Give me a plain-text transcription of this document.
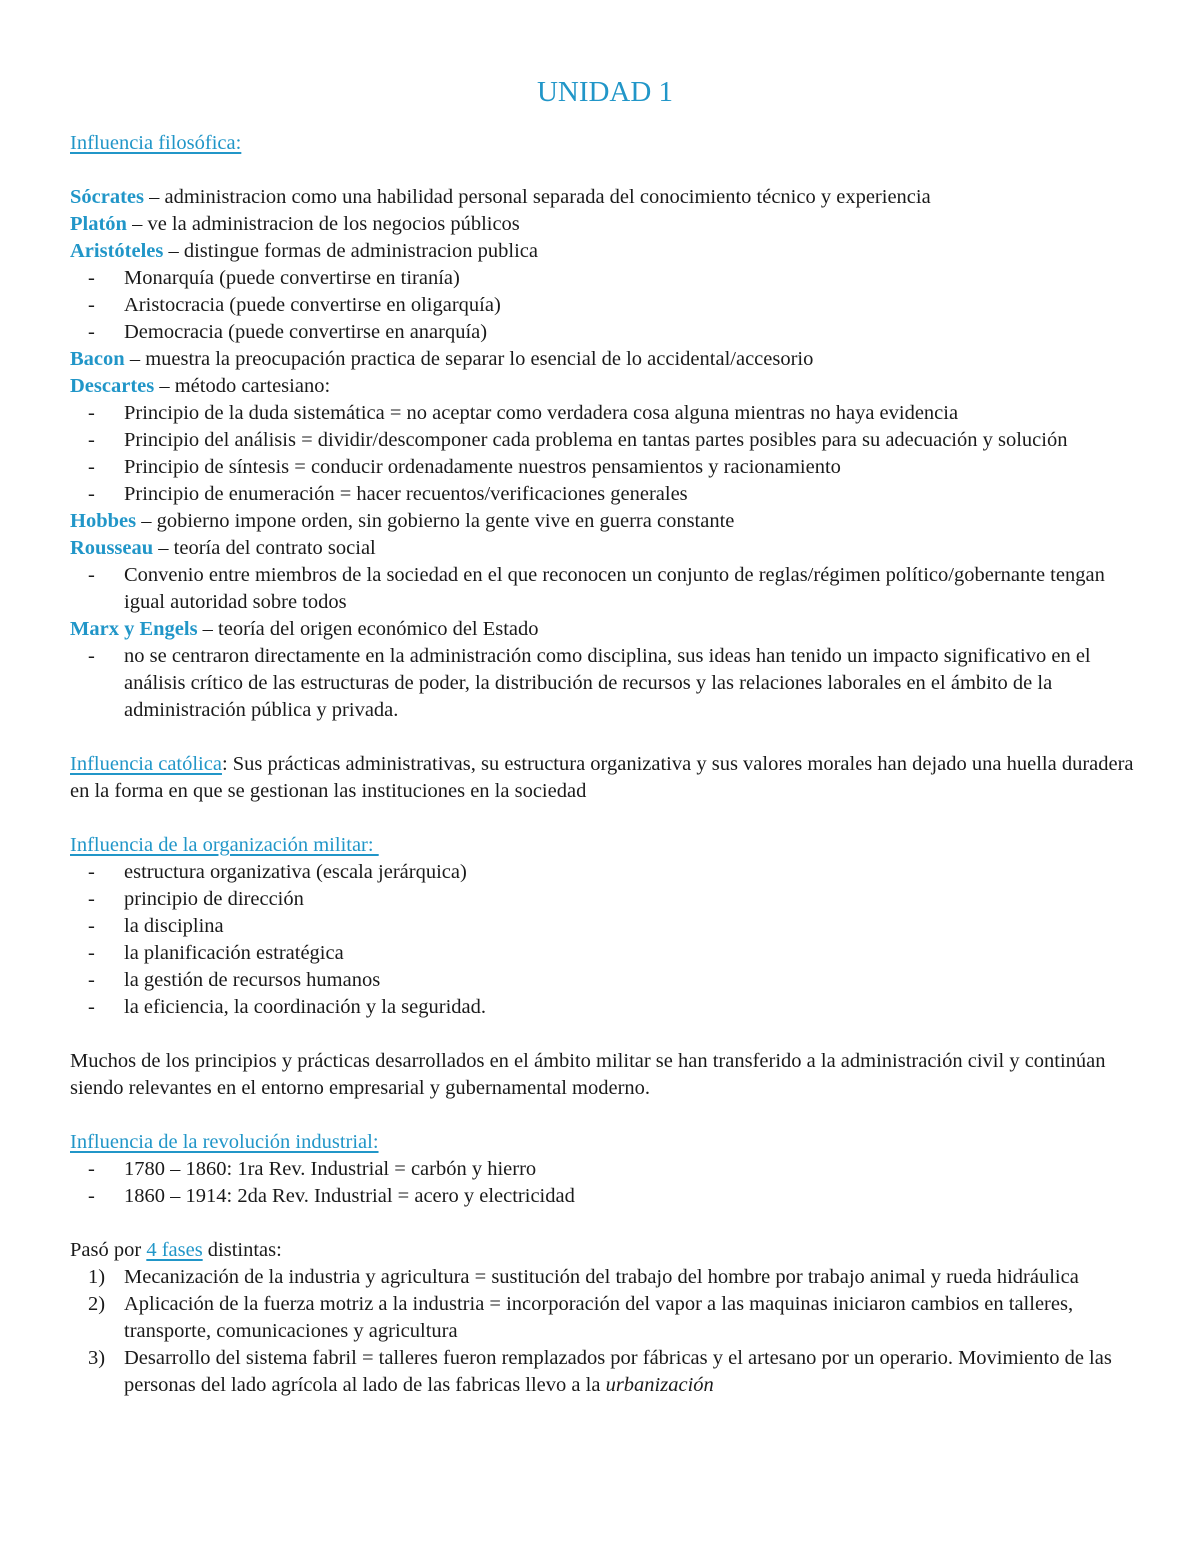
UNIDAD 1

Influencia filosófica:

Sócrates – administracion como una habilidad personal separada del conocimiento técnico y experiencia

Platón – ve la administracion de los negocios públicos

Aristóteles – distingue formas de administracion publica

- Monarquía (puede convertirse en tiranía)
- Aristocracia (puede convertirse en oligarquía)
- Democracia (puede convertirse en anarquía)

Bacon – muestra la preocupación practica de separar lo esencial de lo accidental/accesorio

Descartes – método cartesiano:

- Principio de la duda sistemática = no aceptar como verdadera cosa alguna mientras no haya evidencia
- Principio del análisis = dividir/descomponer cada problema en tantas partes posibles para su adecuación y solución
- Principio de síntesis = conducir ordenadamente nuestros pensamientos y racionamiento
- Principio de enumeración = hacer recuentos/verificaciones generales

Hobbes – gobierno impone orden, sin gobierno la gente vive en guerra constante

Rousseau – teoría del contrato social

- Convenio entre miembros de la sociedad en el que reconocen un conjunto de reglas/régimen político/gobernante tengan igual autoridad sobre todos

Marx y Engels – teoría del origen económico del Estado

- no se centraron directamente en la administración como disciplina, sus ideas han tenido un impacto significativo en el análisis crítico de las estructuras de poder, la distribución de recursos y las relaciones laborales en el ámbito de la administración pública y privada.

Influencia católica: Sus prácticas administrativas, su estructura organizativa y sus valores morales han dejado una huella duradera en la forma en que se gestionan las instituciones en la sociedad

Influencia de la organización militar:

- estructura organizativa (escala jerárquica)
- principio de dirección
- la disciplina
- la planificación estratégica
- la gestión de recursos humanos
- la eficiencia, la coordinación y la seguridad.

Muchos de los principios y prácticas desarrollados en el ámbito militar se han transferido a la administración civil y continúan siendo relevantes en el entorno empresarial y gubernamental moderno.

Influencia de la revolución industrial:

- 1780 – 1860: 1ra Rev. Industrial = carbón y hierro
- 1860 – 1914: 2da Rev. Industrial = acero y electricidad

Pasó por 4 fases distintas:

1) Mecanización de la industria y agricultura = sustitución del trabajo del hombre por trabajo animal y rueda hidráulica
2) Aplicación de la fuerza motriz a la industria = incorporación del vapor a las maquinas iniciaron cambios en talleres, transporte, comunicaciones y agricultura
3) Desarrollo del sistema fabril = talleres fueron remplazados por fábricas y el artesano por un operario. Movimiento de las personas del lado agrícola al lado de las fabricas llevo a la urbanización
